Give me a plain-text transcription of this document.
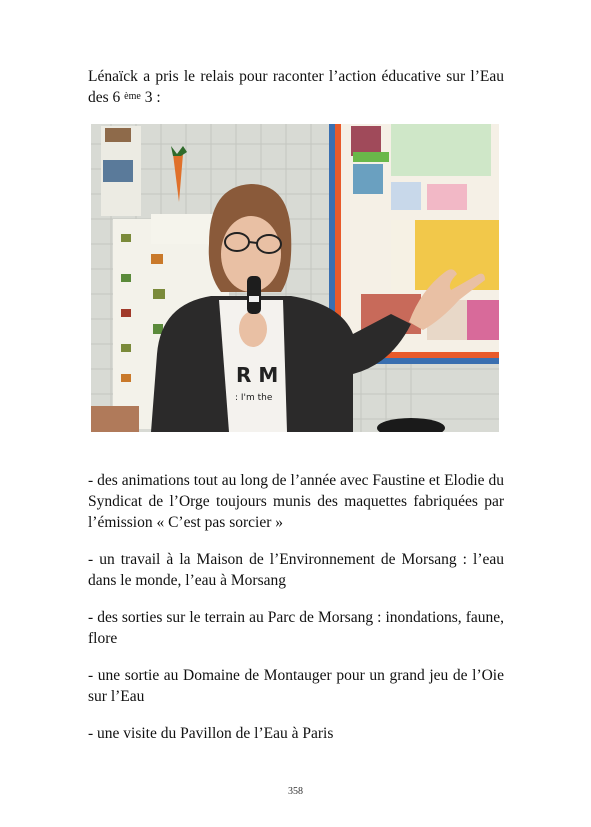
Lénaïck a pris le relais pour raconter l’action éducative sur l’Eau des 6 $^{ème}$ 3 :
R M
: I'm the

- des animations tout au long de l’année avec Faustine et Elodie du Syndicat de l’Orge toujours munis des maquettes fabriquées par l’émission « C’est pas sorcier »

- un travail à la Maison de l’Environnement de Morsang : l’eau dans le monde, l’eau à Morsang

- des sorties sur le terrain au Parc de Morsang : inondations, faune, flore

- une sortie au Domaine de Montauger pour un grand jeu de l’Oie sur l’Eau

- une visite du Pavillon de l’Eau à Paris

358
